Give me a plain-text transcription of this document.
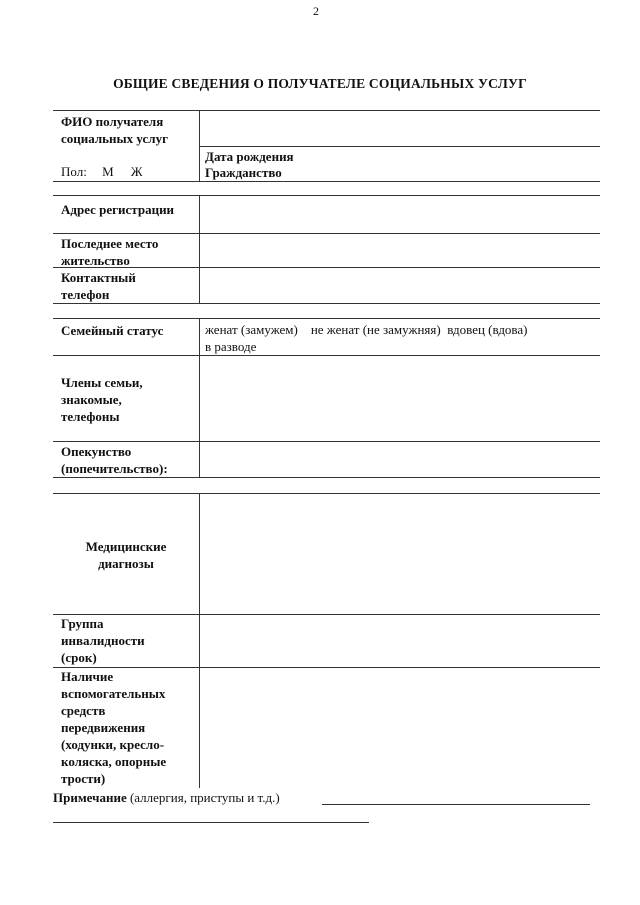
2
ОБЩИЕ СВЕДЕНИЯ О ПОЛУЧАТЕЛЕ СОЦИАЛЬНЫХ УСЛУГ
ФИО получателя
социальных услуг
Пол: М Ж
Дата рождения
Гражданство
Адрес регистрации
Последнее место
жительство
Контактный
телефон
Семейный статус	женат (замужем)    не женат (не замужняя)  вдовец (вдова)
в разводе
Члены семьи,
знакомые,
телефоны
Опекунство
(попечительство):
Медицинские
диагнозы
Группа
инвалидности
(срок)
Наличие
вспомогательных
средств
передвижения
(ходунки, кресло-
коляска, опорные
трости)
Примечание (аллергия, приступы и т.д.)
